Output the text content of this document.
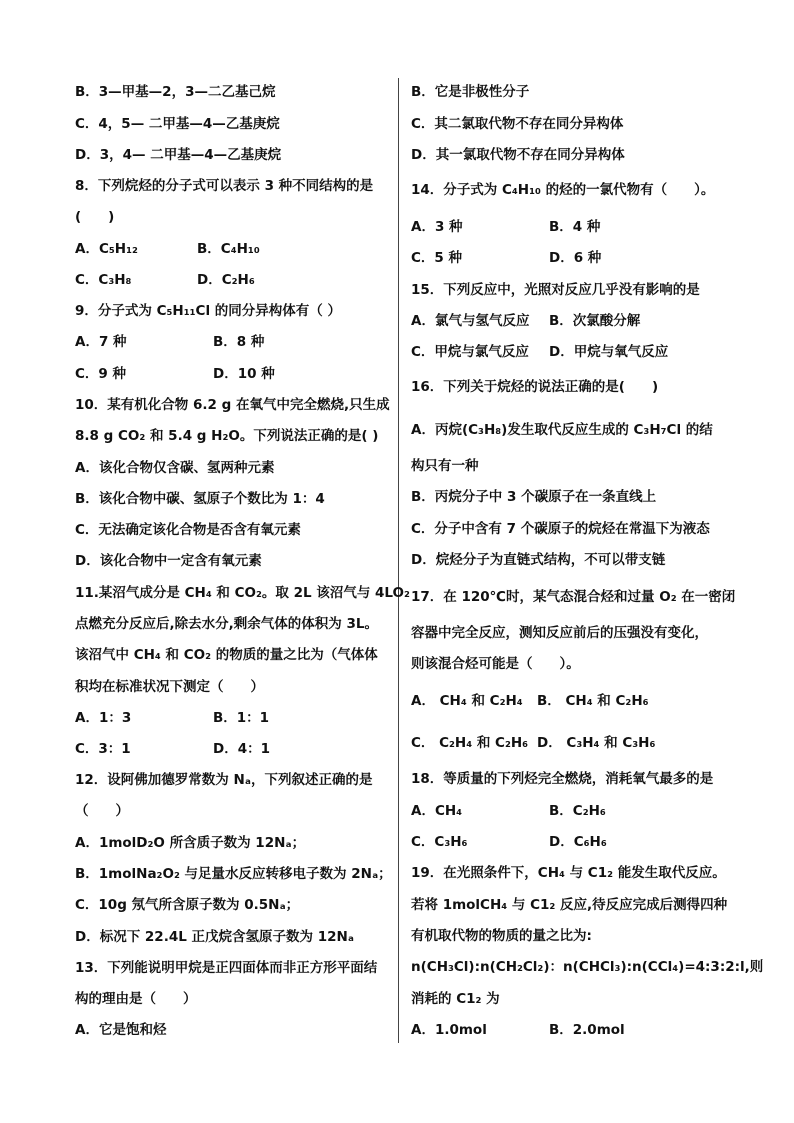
B．3—甲基—2，3—二乙基己烷
C．4，5— 二甲基—4—乙基庚烷
D．3，4— 二甲基—4—乙基庚烷
8．下列烷烃的分子式可以表示 3 种不同结构的是
(　　)
A．C₅H₁₂	B．C₄H₁₀
C．C₃H₈	D．C₂H₆
9．分子式为 C₅H₁₁Cl 的同分异构体有（ ）
A．7 种	B．8 种
C．9 种	D．10 种
10．某有机化合物 6.2 g 在氧气中完全燃烧,只生成
8.8 g CO₂ 和 5.4 g H₂O。下列说法正确的是( )
A．该化合物仅含碳、氢两种元素
B．该化合物中碳、氢原子个数比为 1：4
C．无法确定该化合物是否含有氧元素
D．该化合物中一定含有氧元素
11.某沼气成分是 CH₄ 和 CO₂。取 2L 该沼气与 4LO₂
点燃充分反应后,除去水分,剩余气体的体积为 3L。
该沼气中 CH₄ 和 CO₂ 的物质的量之比为（气体体
积均在标准状况下测定（　　）
A．1：3	B．1：1
C．3：1	D．4：1
12．设阿佛加德罗常数为 Nₐ，下列叙述正确的是
（　　）
A．1molD₂O 所含质子数为 12Nₐ；
B．1molNa₂O₂ 与足量水反应转移电子数为 2Nₐ；
C．10g 氖气所含原子数为 0.5Nₐ；
D．标况下 22.4L 正戊烷含氢原子数为 12Nₐ
13．下列能说明甲烷是正四面体而非正方形平面结
构的理由是（　　）
A．它是饱和烃
B．它是非极性分子
C．其二氯取代物不存在同分异构体
D．其一氯取代物不存在同分异构体
14．分子式为 C₄H₁₀ 的烃的一氯代物有（　　）。
A．3 种	B．4 种
C．5 种	D．6 种
15．下列反应中，光照对反应几乎没有影响的是
A．氯气与氢气反应 B．次氯酸分解
C．甲烷与氯气反应 D．甲烷与氧气反应
16．下列关于烷烃的说法正确的是(　　)
A．丙烷(C₃H₈)发生取代反应生成的 C₃H₇Cl 的结
构只有一种
B．丙烷分子中 3 个碳原子在一条直线上
C．分子中含有 7 个碳原子的烷烃在常温下为液态
D．烷烃分子为直链式结构，不可以带支链
17．在 120℃时，某气态混合烃和过量 O₂ 在一密闭
容器中完全反应，测知反应前后的压强没有变化，
则该混合烃可能是（　　）。
A． CH₄ 和 C₂H₄ B． CH₄ 和 C₂H₆
C． C₂H₄ 和 C₂H₆ D． C₃H₄ 和 C₃H₆
18．等质量的下列烃完全燃烧，消耗氧气最多的是
A．CH₄	B．C₂H₆
C．C₃H₆	D．C₆H₆
19．在光照条件下，CH₄ 与 C1₂ 能发生取代反应。
若将 1molCH₄ 与 C1₂ 反应,待反应完成后测得四种
有机取代物的物质的量之比为:
n(CH₃Cl):n(CH₂Cl₂)：n(CHCl₃):n(CCl₄)=4:3:2:l,则
消耗的 C1₂ 为
A．1.0mol	B．2.0mol
